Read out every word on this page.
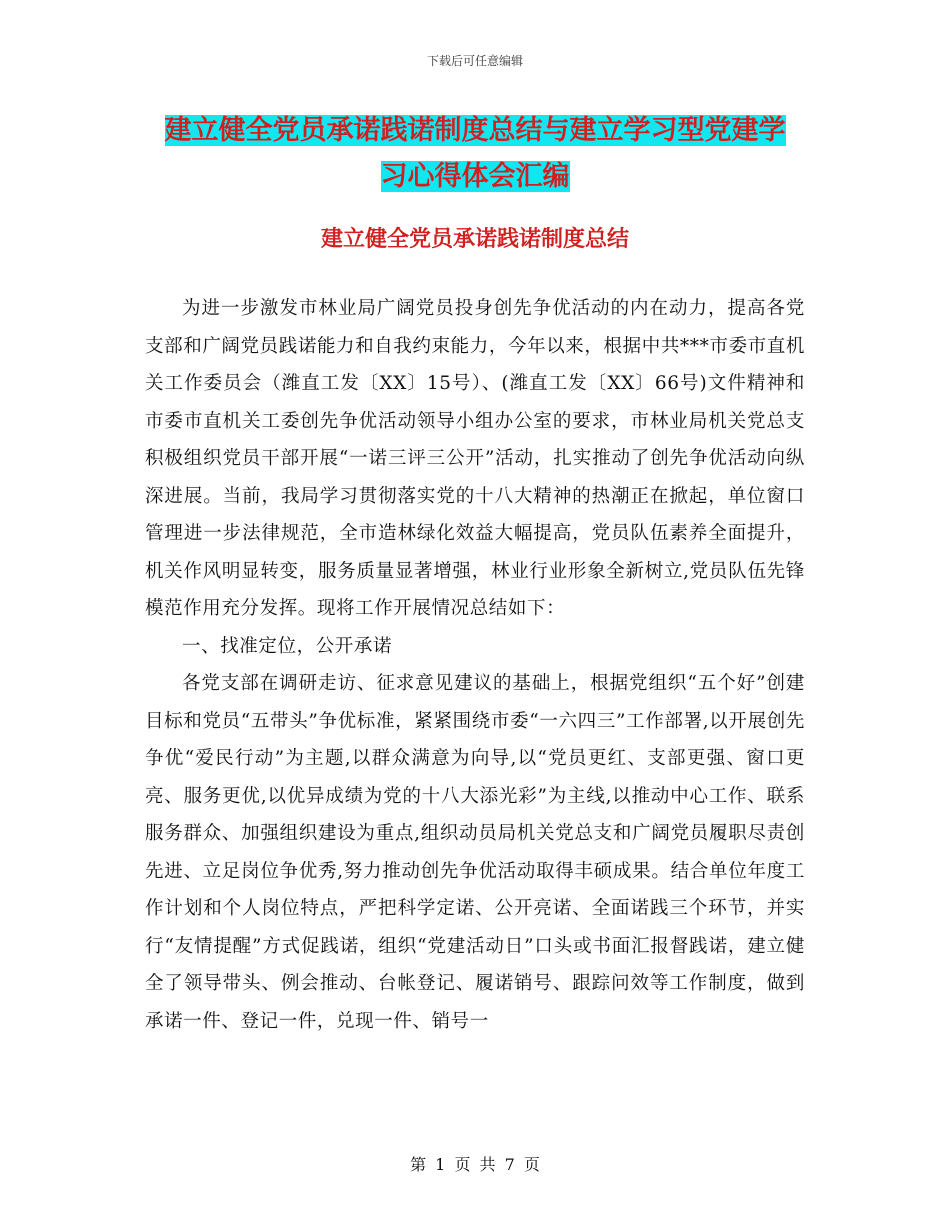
下载后可任意编辑
建立健全党员承诺践诺制度总结与建立学习型党建学
习心得体会汇编
建立健全党员承诺践诺制度总结

为进一步激发市林业局广阔党员投身创先争优活动的内在动力，提高各党支部和广阔党员践诺能力和自我约束能力，今年以来，根据中共***市委市直机关工作委员会（潍直工发〔XX〕15号）、(潍直工发〔XX〕66号)文件精神和市委市直机关工委创先争优活动领导小组办公室的要求，市林业局机关党总支积极组织党员干部开展“一诺三评三公开”活动，扎实推动了创先争优活动向纵深进展。当前，我局学习贯彻落实党的十八大精神的热潮正在掀起，单位窗口管理进一步法律规范，全市造林绿化效益大幅提高，党员队伍素养全面提升，机关作风明显转变，服务质量显著增强，林业行业形象全新树立,党员队伍先锋模范作用充分发挥。现将工作开展情况总结如下：

一、找准定位，公开承诺

各党支部在调研走访、征求意见建议的基础上，根据党组织“五个好”创建目标和党员“五带头”争优标准，紧紧围绕市委“一六四三”工作部署,以开展创先争优“爱民行动”为主题,以群众满意为向导,以“党员更红、支部更强、窗口更亮、服务更优,以优异成绩为党的十八大添光彩”为主线,以推动中心工作、联系服务群众、加强组织建设为重点,组织动员局机关党总支和广阔党员履职尽责创先进、立足岗位争优秀,努力推动创先争优活动取得丰硕成果。结合单位年度工作计划和个人岗位特点，严把科学定诺、公开亮诺、全面诺践三个环节，并实行“友情提醒”方式促践诺，组织“党建活动日”口头或书面汇报督践诺，建立健全了领导带头、例会推动、台帐登记、履诺销号、跟踪问效等工作制度，做到承诺一件、登记一件，兑现一件、销号一

第 1 页 共 7 页
